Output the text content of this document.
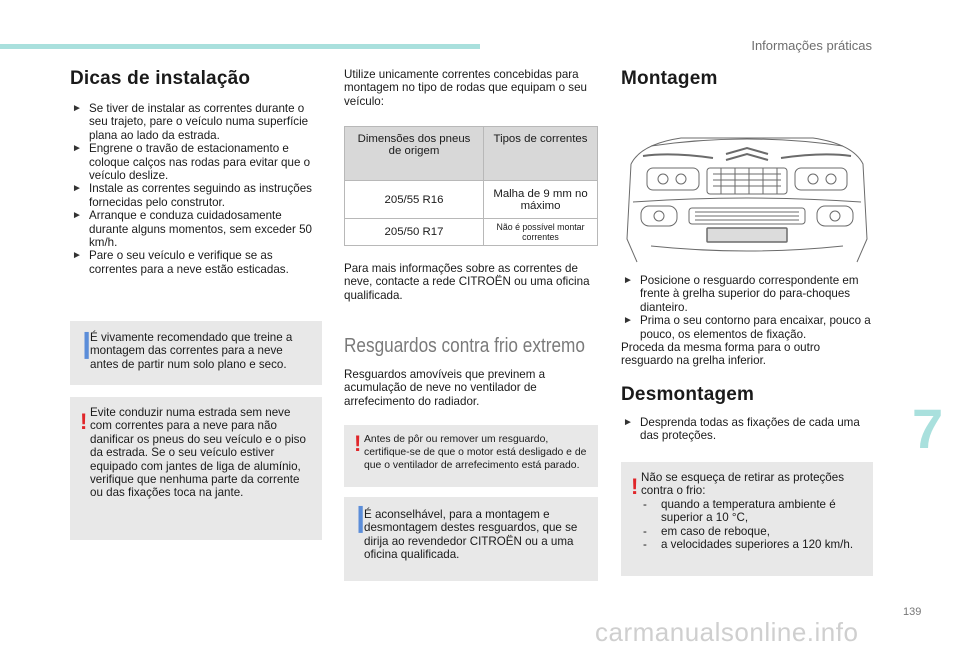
Informações práticas
Dicas de instalação
► Se tiver de instalar as correntes durante o seu trajeto, pare o veículo numa superfície plana ao lado da estrada.
► Engrene o travão de estacionamento e coloque calços nas rodas para evitar que o veículo deslize.
► Instale as correntes seguindo as instruções fornecidas pelo construtor.
► Arranque e conduza cuidadosamente durante alguns momentos, sem exceder 50 km/h.
► Pare o seu veículo e verifique se as correntes para a neve estão esticadas.
┃
É vivamente recomendado que treine a montagem das correntes para a neve antes de partir num solo plano e seco.
! Evite conduzir numa estrada sem neve com correntes para a neve para não danificar os pneus do seu veículo e o piso da estrada. Se o seu veículo estiver equipado com jantes de liga de alumínio, verifique que nenhuma parte da corrente ou das fixações toca na jante.
Utilize unicamente correntes concebidas para montagem no tipo de rodas que equipam o seu veículo:
Dimensões dos pneus de origem	Tipos de correntes
205/55 R16	Malha de 9 mm no máximo
205/50 R17	Não é possível montar correntes
Para mais informações sobre as correntes de neve, contacte a rede CITROËN ou uma oficina qualificada.
Resguardos contra frio extremo
Resguardos amovíveis que previnem a acumulação de neve no ventilador de arrefecimento do radiador.
! Antes de pôr ou remover um resguardo, certifique-se de que o motor está desligado e de que o ventilador de arrefecimento está parado.
┃
É aconselhável, para a montagem e desmontagem destes resguardos, que se dirija ao revendedor CITROËN ou a uma oficina qualificada.
Montagem
► Posicione o resguardo correspondente em frente à grelha superior do para-choques dianteiro.
► Prima o seu contorno para encaixar, pouco a pouco, os elementos de fixação.
Proceda da mesma forma para o outro resguardo na grelha inferior.
Desmontagem
► Desprenda todas as fixações de cada uma das proteções.
! Não se esqueça de retirar as proteções contra o frio:
- quando a temperatura ambiente é superior a 10 °C,
- em caso de reboque,
- a velocidades superiores a 120 km/h.
7
139
carmanualsonline.info
